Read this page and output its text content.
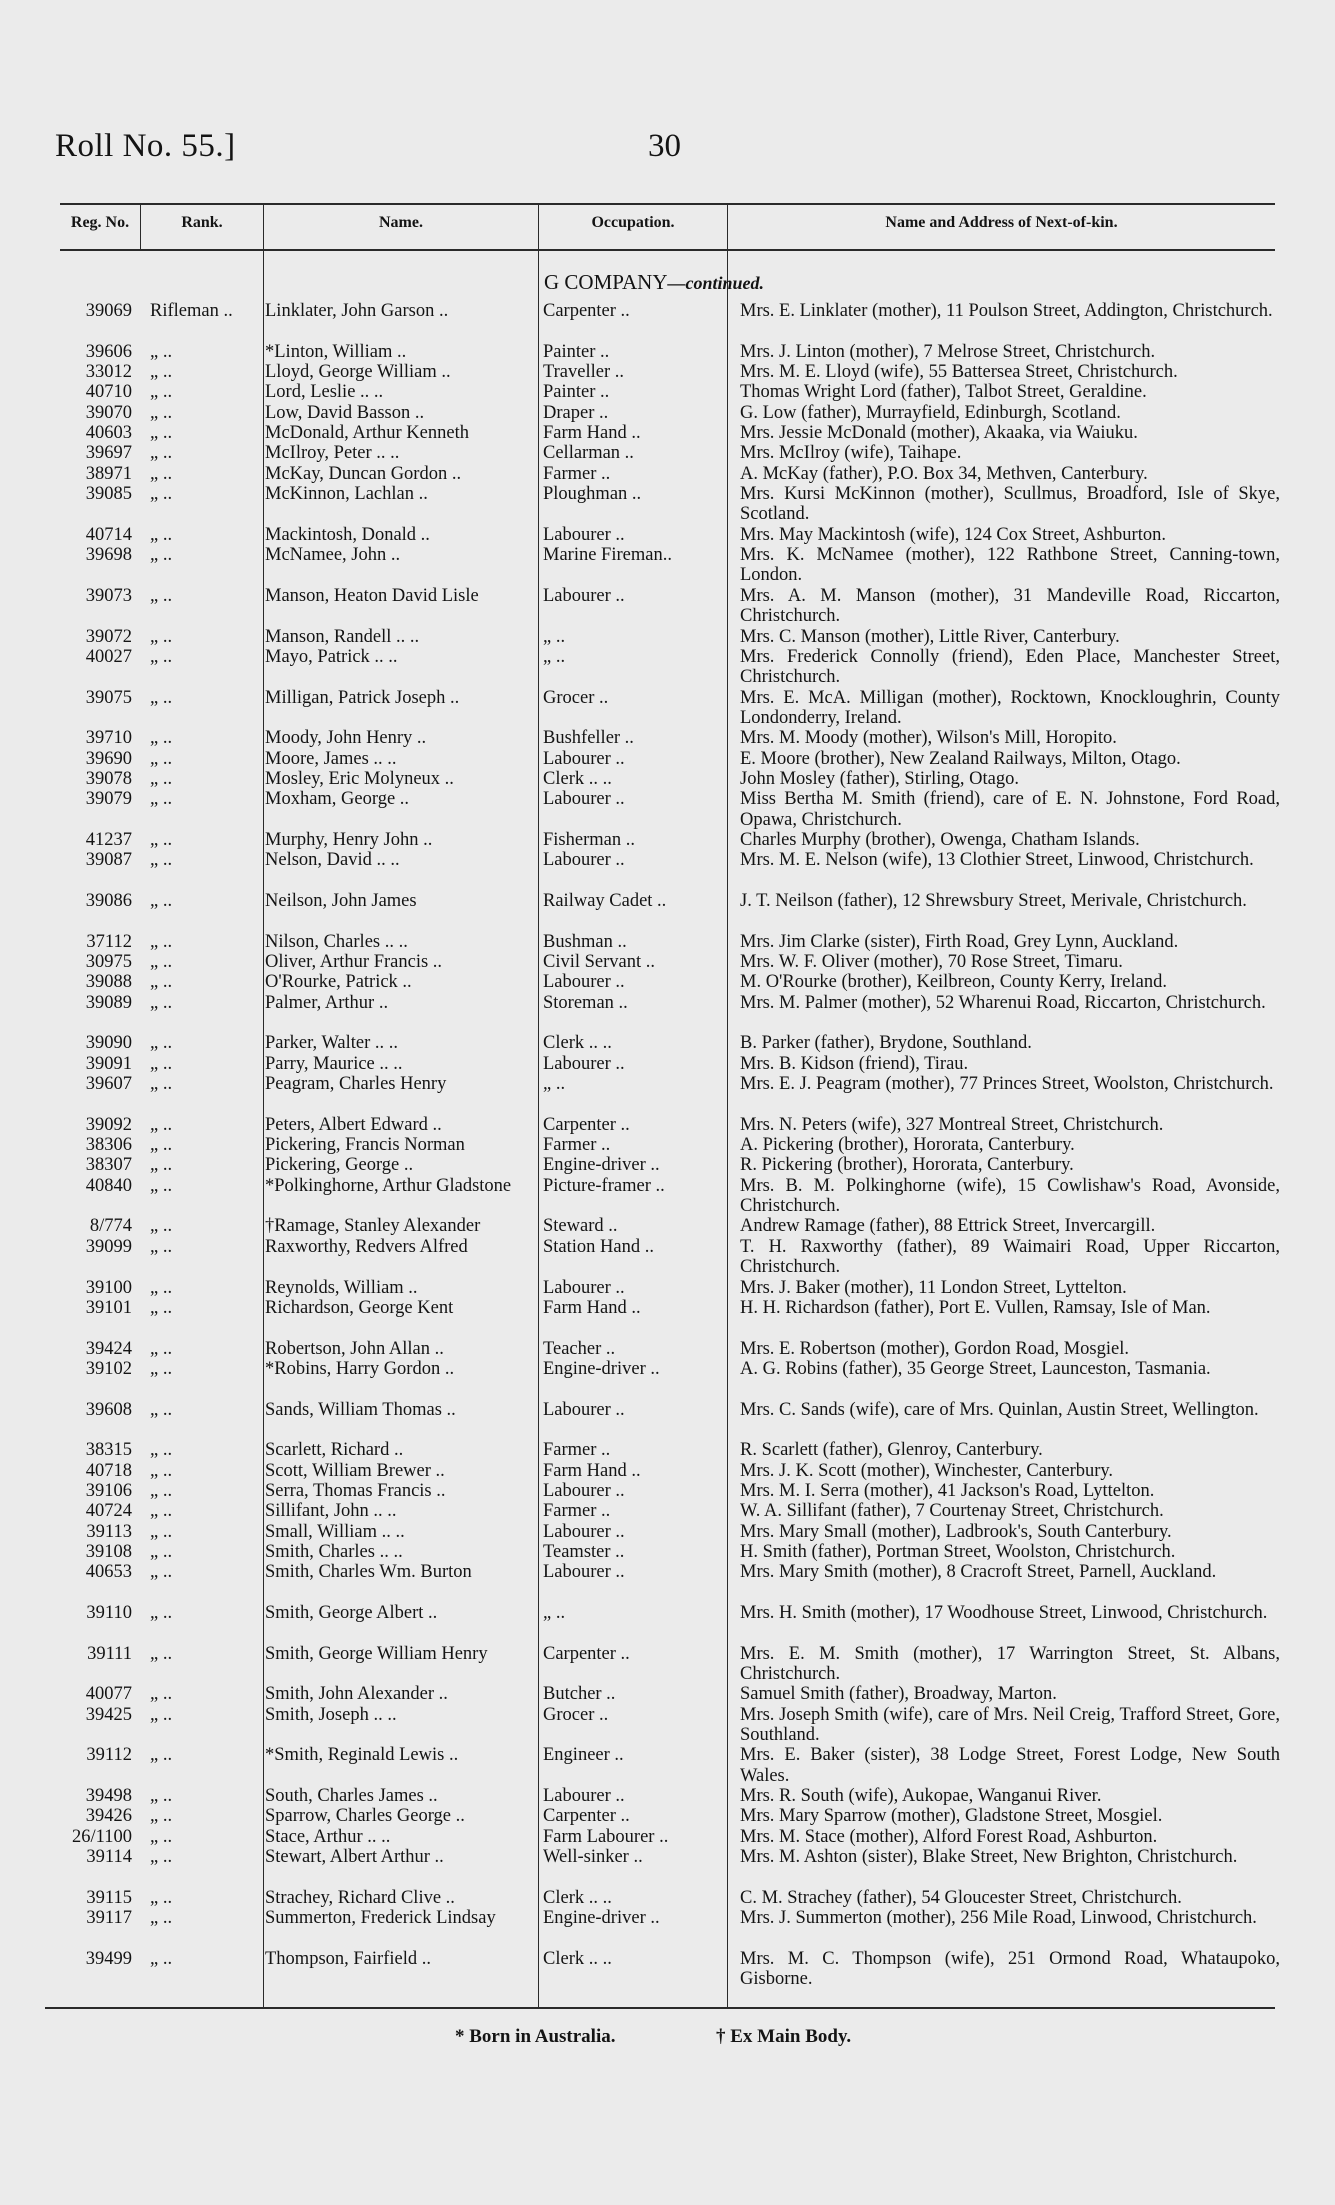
Roll No. 55.]	30
Reg. No.	Rank.	Name.	Occupation.	Name and Address of Next-of-kin.
G COMPANY—continued.
39069 Rifleman ..	Linklater, John Garson ..	Carpenter ..	Mrs. E. Linklater (mother), 11 Poulson Street, Addington, Christchurch.
39606 „ ..	*Linton, William ..	Painter ..	Mrs. J. Linton (mother), 7 Melrose Street, Christchurch.
33012 „ ..	Lloyd, George William ..	Traveller ..	Mrs. M. E. Lloyd (wife), 55 Battersea Street, Christchurch.
40710 „ ..	Lord, Leslie .. ..	Painter ..	Thomas Wright Lord (father), Talbot Street, Geraldine.
39070 „ ..	Low, David Basson ..	Draper ..	G. Low (father), Murrayfield, Edinburgh, Scotland.
40603 „ ..	McDonald, Arthur Kenneth	Farm Hand ..	Mrs. Jessie McDonald (mother), Akaaka, via Waiuku.
39697 „ ..	McIlroy, Peter .. ..	Cellarman ..	Mrs. McIlroy (wife), Taihape.
38971 „ ..	McKay, Duncan Gordon ..	Farmer ..	A. McKay (father), P.O. Box 34, Methven, Canterbury.
39085 „ ..	McKinnon, Lachlan ..	Ploughman ..	Mrs. Kursi McKinnon (mother), Scullmus, Broadford, Isle of Skye, Scotland.
40714 „ ..	Mackintosh, Donald ..	Labourer ..	Mrs. May Mackintosh (wife), 124 Cox Street, Ashburton.
39698 „ ..	McNamee, John ..	Marine Fireman..	Mrs. K. McNamee (mother), 122 Rathbone Street, Canning-town, London.
39073 „ ..	Manson, Heaton David Lisle	Labourer ..	Mrs. A. M. Manson (mother), 31 Mandeville Road, Riccarton, Christchurch.
39072 „ ..	Manson, Randell .. ..	„ ..	Mrs. C. Manson (mother), Little River, Canterbury.
40027 „ ..	Mayo, Patrick .. ..	„ ..	Mrs. Frederick Connolly (friend), Eden Place, Manchester Street, Christchurch.
39075 „ ..	Milligan, Patrick Joseph ..	Grocer ..	Mrs. E. McA. Milligan (mother), Rocktown, Knockloughrin, County Londonderry, Ireland.
39710 „ ..	Moody, John Henry ..	Bushfeller ..	Mrs. M. Moody (mother), Wilson's Mill, Horopito.
39690 „ ..	Moore, James .. ..	Labourer ..	E. Moore (brother), New Zealand Railways, Milton, Otago.
39078 „ ..	Mosley, Eric Molyneux ..	Clerk .. ..	John Mosley (father), Stirling, Otago.
39079 „ ..	Moxham, George ..	Labourer ..	Miss Bertha M. Smith (friend), care of E. N. Johnstone, Ford Road, Opawa, Christchurch.
41237 „ ..	Murphy, Henry John ..	Fisherman ..	Charles Murphy (brother), Owenga, Chatham Islands.
39087 „ ..	Nelson, David .. ..	Labourer ..	Mrs. M. E. Nelson (wife), 13 Clothier Street, Linwood, Christchurch.
39086 „ ..	Neilson, John James	Railway Cadet ..	J. T. Neilson (father), 12 Shrewsbury Street, Merivale, Christchurch.
37112 „ ..	Nilson, Charles .. ..	Bushman ..	Mrs. Jim Clarke (sister), Firth Road, Grey Lynn, Auckland.
30975 „ ..	Oliver, Arthur Francis ..	Civil Servant ..	Mrs. W. F. Oliver (mother), 70 Rose Street, Timaru.
39088 „ ..	O'Rourke, Patrick ..	Labourer ..	M. O'Rourke (brother), Keilbreon, County Kerry, Ireland.
39089 „ ..	Palmer, Arthur ..	Storeman ..	Mrs. M. Palmer (mother), 52 Wharenui Road, Riccarton, Christchurch.
39090 „ ..	Parker, Walter .. ..	Clerk .. ..	B. Parker (father), Brydone, Southland.
39091 „ ..	Parry, Maurice .. ..	Labourer ..	Mrs. B. Kidson (friend), Tirau.
39607 „ ..	Peagram, Charles Henry	„ ..	Mrs. E. J. Peagram (mother), 77 Princes Street, Woolston, Christchurch.
39092 „ ..	Peters, Albert Edward ..	Carpenter ..	Mrs. N. Peters (wife), 327 Montreal Street, Christchurch.
38306 „ ..	Pickering, Francis Norman	Farmer ..	A. Pickering (brother), Hororata, Canterbury.
38307 „ ..	Pickering, George ..	Engine-driver ..	R. Pickering (brother), Hororata, Canterbury.
40840 „ ..	*Polkinghorne, Arthur Gladstone	Picture-framer ..	Mrs. B. M. Polkinghorne (wife), 15 Cowlishaw's Road, Avonside, Christchurch.
8/774 „ ..	†Ramage, Stanley Alexander	Steward ..	Andrew Ramage (father), 88 Ettrick Street, Invercargill.
39099 „ ..	Raxworthy, Redvers Alfred	Station Hand ..	T. H. Raxworthy (father), 89 Waimairi Road, Upper Riccarton, Christchurch.
39100 „ ..	Reynolds, William ..	Labourer ..	Mrs. J. Baker (mother), 11 London Street, Lyttelton.
39101 „ ..	Richardson, George Kent	Farm Hand ..	H. H. Richardson (father), Port E. Vullen, Ramsay, Isle of Man.
39424 „ ..	Robertson, John Allan ..	Teacher ..	Mrs. E. Robertson (mother), Gordon Road, Mosgiel.
39102 „ ..	*Robins, Harry Gordon ..	Engine-driver ..	A. G. Robins (father), 35 George Street, Launceston, Tasmania.
39608 „ ..	Sands, William Thomas ..	Labourer ..	Mrs. C. Sands (wife), care of Mrs. Quinlan, Austin Street, Wellington.
38315 „ ..	Scarlett, Richard ..	Farmer ..	R. Scarlett (father), Glenroy, Canterbury.
40718 „ ..	Scott, William Brewer ..	Farm Hand ..	Mrs. J. K. Scott (mother), Winchester, Canterbury.
39106 „ ..	Serra, Thomas Francis ..	Labourer ..	Mrs. M. I. Serra (mother), 41 Jackson's Road, Lyttelton.
40724 „ ..	Sillifant, John .. ..	Farmer ..	W. A. Sillifant (father), 7 Courtenay Street, Christchurch.
39113 „ ..	Small, William .. ..	Labourer ..	Mrs. Mary Small (mother), Ladbrook's, South Canterbury.
39108 „ ..	Smith, Charles .. ..	Teamster ..	H. Smith (father), Portman Street, Woolston, Christchurch.
40653 „ ..	Smith, Charles Wm. Burton	Labourer ..	Mrs. Mary Smith (mother), 8 Cracroft Street, Parnell, Auckland.
39110 „ ..	Smith, George Albert ..	„ ..	Mrs. H. Smith (mother), 17 Woodhouse Street, Linwood, Christchurch.
39111 „ ..	Smith, George William Henry	Carpenter ..	Mrs. E. M. Smith (mother), 17 Warrington Street, St. Albans, Christchurch.
40077 „ ..	Smith, John Alexander ..	Butcher ..	Samuel Smith (father), Broadway, Marton.
39425 „ ..	Smith, Joseph .. ..	Grocer ..	Mrs. Joseph Smith (wife), care of Mrs. Neil Creig, Trafford Street, Gore, Southland.
39112 „ ..	*Smith, Reginald Lewis ..	Engineer ..	Mrs. E. Baker (sister), 38 Lodge Street, Forest Lodge, New South Wales.
39498 „ ..	South, Charles James ..	Labourer ..	Mrs. R. South (wife), Aukopae, Wanganui River.
39426 „ ..	Sparrow, Charles George ..	Carpenter ..	Mrs. Mary Sparrow (mother), Gladstone Street, Mosgiel.
26/1100 „ ..	Stace, Arthur .. ..	Farm Labourer ..	Mrs. M. Stace (mother), Alford Forest Road, Ashburton.
39114 „ ..	Stewart, Albert Arthur ..	Well-sinker ..	Mrs. M. Ashton (sister), Blake Street, New Brighton, Christchurch.
39115 „ ..	Strachey, Richard Clive ..	Clerk .. ..	C. M. Strachey (father), 54 Gloucester Street, Christchurch.
39117 „ ..	Summerton, Frederick Lindsay	Engine-driver ..	Mrs. J. Summerton (mother), 256 Mile Road, Linwood, Christchurch.
39499 „ ..	Thompson, Fairfield ..	Clerk .. ..	Mrs. M. C. Thompson (wife), 251 Ormond Road, Whataupoko, Gisborne.
* Born in Australia.	† Ex Main Body.
